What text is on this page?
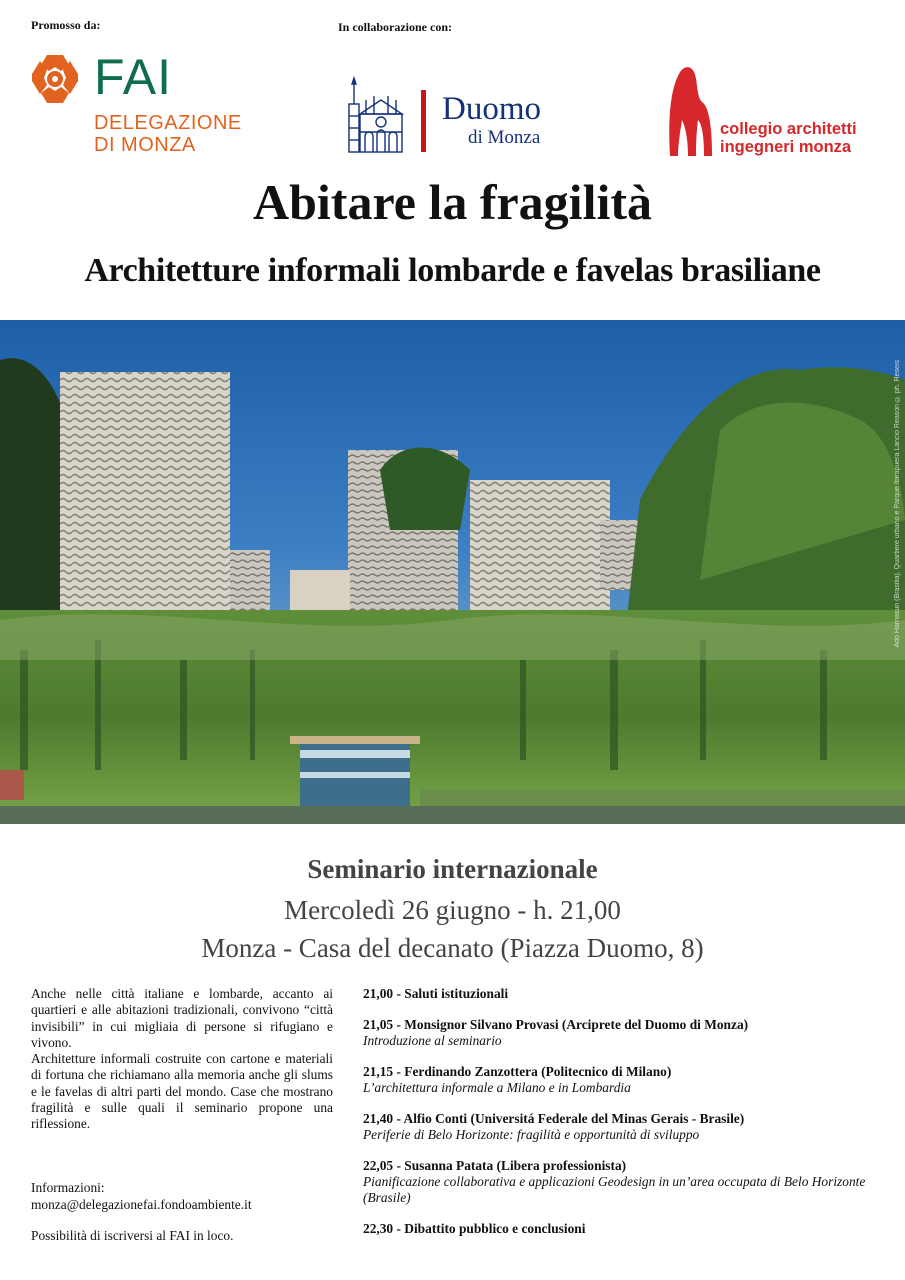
Promosso da:	In collaborazione con:
FAI
DELEGAZIONE
DI MONZA
Duomo
di Monza	collegio architetti
ingegneri monza
Abitare la fragilità
Architetture informali lombarde e favelas brasiliane
Ado Harnasun (Brasilia), Quartiere urbano e Parque Ibirapuera Lancio Reason © ph. Reseis
Seminario internazionale
Mercoledì 26 giugno - h. 21,00
Monza - Casa del decanato (Piazza Duomo, 8)

Anche nelle città italiane e lombarde, accanto ai quartieri e alle abitazioni tradizionali, convivono “città invisibili” in cui migliaia di persone si rifugiano e vivono.

Architetture informali costruite con cartone e materiali di fortuna che richiamano alla memoria anche gli slums e le favelas di altri parti del mondo. Case che mostrano fragilità e sulle quali il seminario propone una riflessione.

Informazioni:
monza@delegazionefai.fondoambiente.it
Possibilità di iscriversi al FAI in loco.
21,00 - Saluti istituzionali
21,05 - Monsignor Silvano Provasi (Arciprete del Duomo di Monza)
Introduzione al seminario
21,15 - Ferdinando Zanzottera (Politecnico di Milano)
L’architettura informale a Milano e in Lombardia
21,40 - Alfio Conti (Universitá Federale del Minas Gerais - Brasile)
Periferie di Belo Horizonte: fragilità e opportunità di sviluppo
22,05 - Susanna Patata (Libera professionista)
Pianificazione collaborativa e applicazioni Geodesign in un’area occupata di Belo Horizonte (Brasile)
22,30 - Dibattito pubblico e conclusioni
